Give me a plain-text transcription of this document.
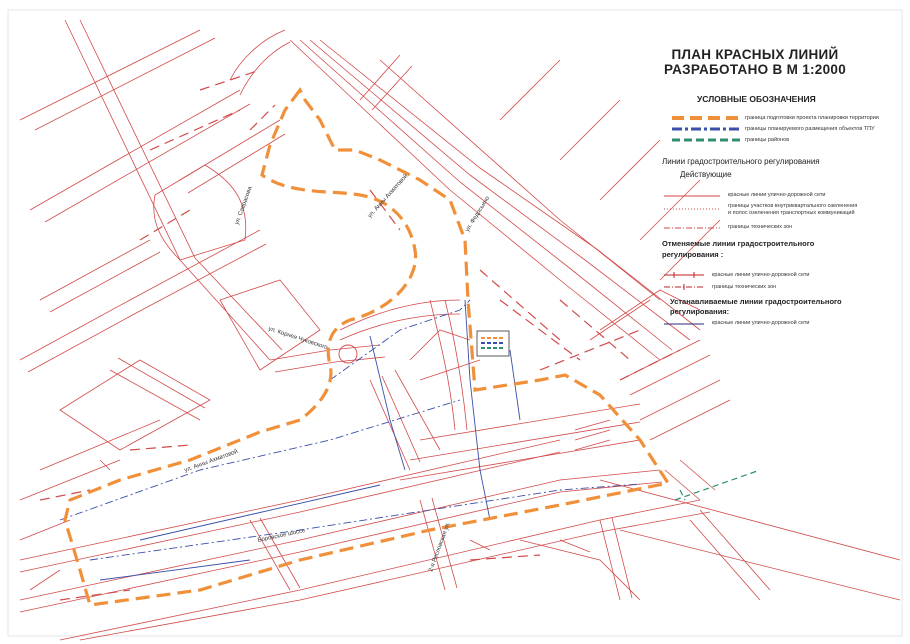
ул. Саврасова	ул. Анны Ахматовой	ул. Федосьино
ул. Корнея Чуковского
ул. Анны Ахматовой
Боровское шоссе	2-я Рословская ул.
ПЛАН КРАСНЫХ ЛИНИЙ
РАЗРАБОТАНО В М 1:2000
УСЛОВНЫЕ ОБОЗНАЧЕНИЯ
граница подготовки проекта планировки территории
границы планируемого размещения объектов ТПУ
границы районов
Линии градостроительного регулирования
Действующие
красные линии улично-дорожной сети
границы участков внутриквартального озеленения и полос озеленения транспортных коммуникаций
границы технических зон
Отменяемые линии градостроительного регулирования :
красные линии улично-дорожной сети
границы технических зон
Устанавливаемые линии градостроительного регулирования:
красные линии улично-дорожной сети
